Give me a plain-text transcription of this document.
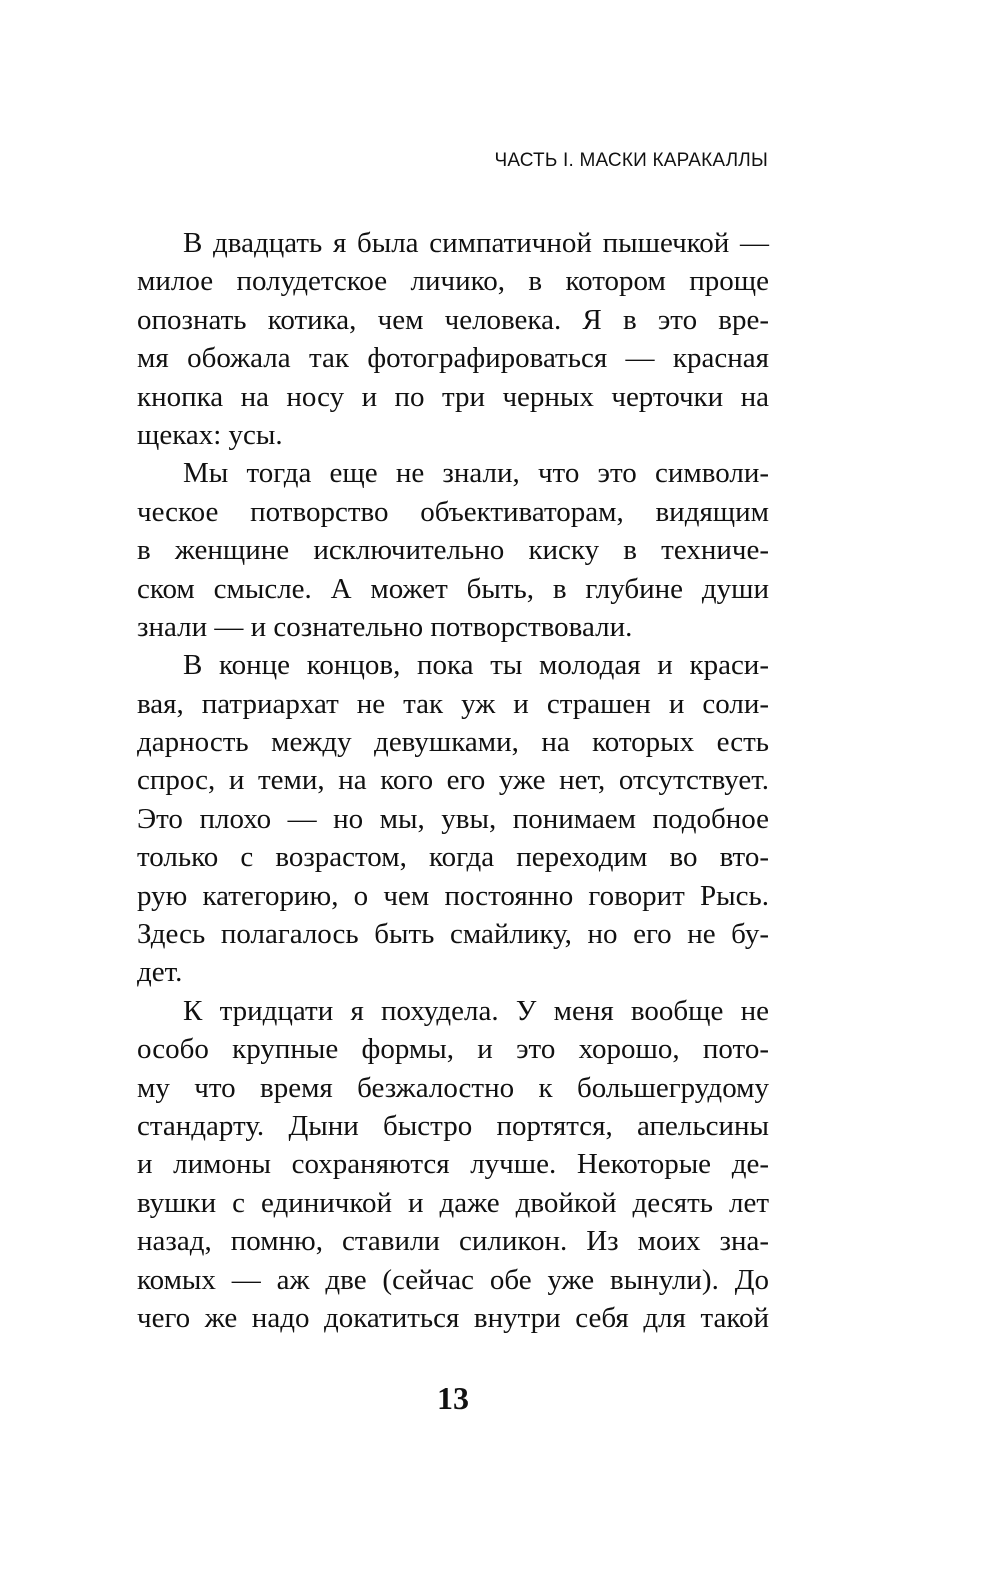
ЧАСТЬ I. МАСКИ КАРАКАЛЛЫ
В двадцать я была симпатичной пышечкой —
милое полудетское личико, в котором проще
опознать котика, чем человека. Я в это вре-
мя обожала так фотографироваться — красная
кнопка на носу и по три черных черточки на
щеках: усы.
Мы тогда еще не знали, что это символи-
ческое потворство объективаторам, видящим
в женщине исключительно киску в техниче-
ском смысле. А может быть, в глубине души
знали — и сознательно потворствовали.
В конце концов, пока ты молодая и краси-
вая, патриархат не так уж и страшен и соли-
дарность между девушками, на которых есть
спрос, и теми, на кого его уже нет, отсутствует.
Это плохо — но мы, увы, понимаем подобное
только с возрастом, когда переходим во вто-
рую категорию, о чем постоянно говорит Рысь.
Здесь полагалось быть смайлику, но его не бу-
дет.
К тридцати я похудела. У меня вообще не
особо крупные формы, и это хорошо, пото-
му что время безжалостно к большегрудому
стандарту. Дыни быстро портятся, апельсины
и лимоны сохраняются лучше. Некоторые де-
вушки с единичкой и даже двойкой десять лет
назад, помню, ставили силикон. Из моих зна-
комых — аж две (сейчас обе уже вынули). До
чего же надо докатиться внутри себя для такой
13
